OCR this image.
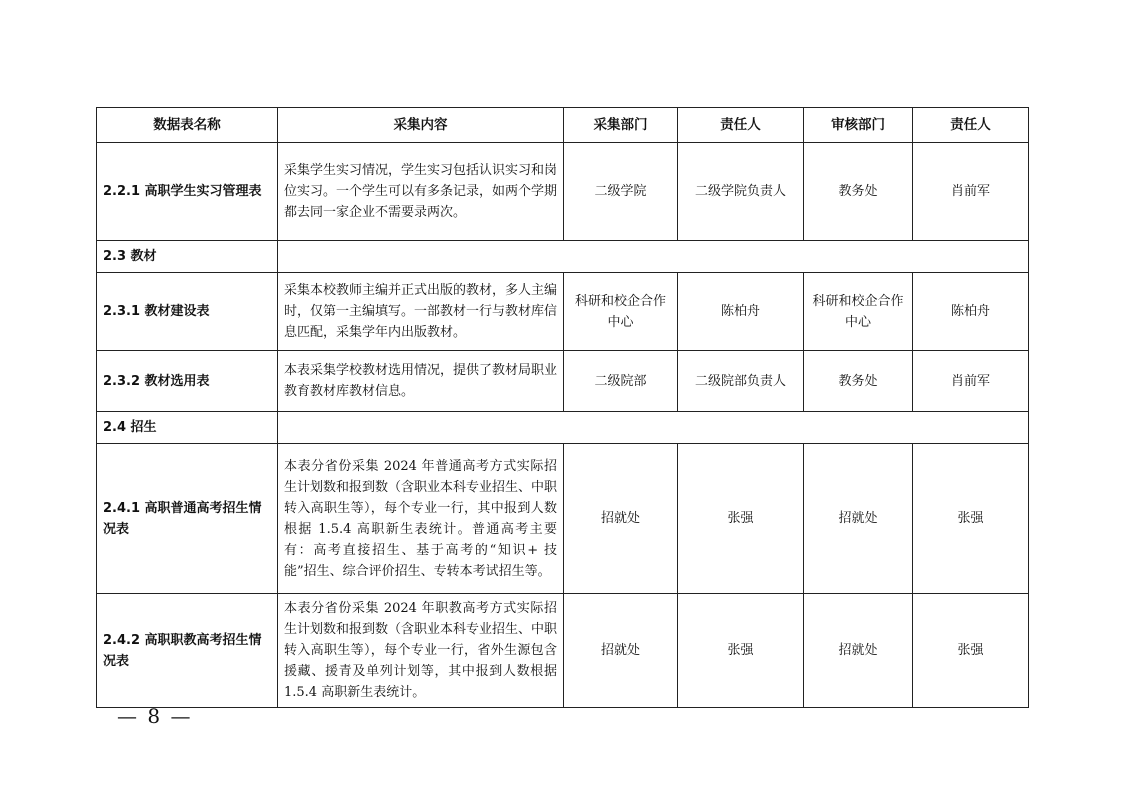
数据表名称	采集内容	采集部门	责任人	审核部门	责任人
2.2.1 高职学生实习管理表	采集学生实习情况，学生实习包括认识实习和岗位实习。一个学生可以有多条记录，如两个学期都去同一家企业不需要录两次。	二级学院	二级学院负责人	教务处	肖前军
2.3 教材					
2.3.1 教材建设表	采集本校教师主编并正式出版的教材，多人主编时，仅第一主编填写。一部教材一行与教材库信息匹配，采集学年内出版教材。	科研和校企合作中心	陈柏舟	科研和校企合作中心	陈柏舟
2.3.2 教材选用表	本表采集学校教材选用情况，提供了教材局职业教育教材库教材信息。	二级院部	二级院部负责人	教务处	肖前军
2.4 招生					
2.4.1 高职普通高考招生情况表	本表分省份采集 2024 年普通高考方式实际招生计划数和报到数（含职业本科专业招生、中职转入高职生等），每个专业一行，其中报到人数根据 1.5.4 高职新生表统计。普通高考主要有：高考直接招生、基于高考的“知识+ 技能”招生、综合评价招生、专转本考试招生等。	招就处	张强	招就处	张强
2.4.2 高职职教高考招生情况表	本表分省份采集 2024 年职教高考方式实际招生计划数和报到数（含职业本科专业招生、中职转入高职生等），每个专业一行，省外生源包含援藏、援青及单列计划等，其中报到人数根据 1.5.4 高职新生表统计。	招就处	张强	招就处	张强
— 8 —
